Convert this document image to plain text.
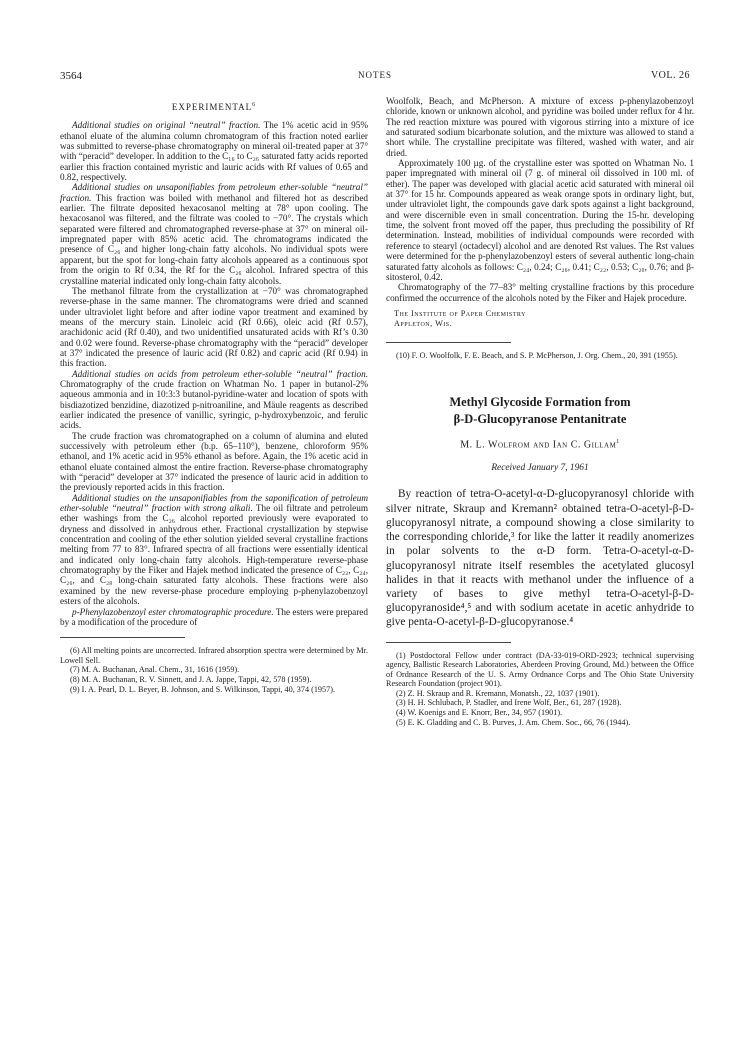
3564	NOTES	VOL. 26
EXPERIMENTAL$^6$

Additional studies on original “neutral” fraction. The 1% acetic acid in 95% ethanol eluate of the alumina column chromatogram of this fraction noted earlier was submitted to reverse-phase chromatography on mineral oil-treated paper at 37° with “peracid” developer. In addition to the C₁₆ to C₂₆ saturated fatty acids reported earlier this fraction contained myristic and lauric acids with Rf values of 0.65 and 0.82, respectively.

Additional studies on unsaponifiables from petroleum ether-soluble “neutral” fraction. This fraction was boiled with methanol and filtered hot as described earlier. The filtrate deposited hexacosanol melting at 78° upon cooling. The hexacosanol was filtered, and the filtrate was cooled to −70°. The crystals which separated were filtered and chromatographed reverse-phase at 37° on mineral oil-impregnated paper with 85% acetic acid. The chromatograms indicated the presence of C₂₆ and higher long-chain fatty alcohols. No individual spots were apparent, but the spot for long-chain fatty alcohols appeared as a continuous spot from the origin to Rf 0.34, the Rf for the C₂₆ alcohol. Infrared spectra of this crystalline material indicated only long-chain fatty alcohols.

The methanol filtrate from the crystallization at −70° was chromatographed reverse-phase in the same manner. The chromatograms were dried and scanned under ultraviolet light before and after iodine vapor treatment and examined by means of the mercury stain. Linoleic acid (Rf 0.66), oleic acid (Rf 0.57), arachidonic acid (Rf 0.40), and two unidentified unsaturated acids with Rf’s 0.30 and 0.02 were found. Reverse-phase chromatography with the “peracid” developer at 37° indicated the presence of lauric acid (Rf 0.82) and capric acid (Rf 0.94) in this fraction.

Additional studies on acids from petroleum ether-soluble “neutral” fraction. Chromatography of the crude fraction on Whatman No. 1 paper in butanol-2% aqueous ammonia and in 10:3:3 butanol-pyridine-water and location of spots with bisdiazotized benzidine, diazotized p-nitroaniline, and Mäule reagents as described earlier indicated the presence of vanillic, syringic, p-hydroxybenzoic, and ferulic acids.

The crude fraction was chromatographed on a column of alumina and eluted successively with petroleum ether (b.p. 65–110°), benzene, chloroform 95% ethanol, and 1% acetic acid in 95% ethanol as before. Again, the 1% acetic acid in ethanol eluate contained almost the entire fraction. Reverse-phase chromatography with “peracid” developer at 37° indicated the presence of lauric acid in addition to the previously reported acids in this fraction.

Additional studies on the unsaponifiables from the saponification of petroleum ether-soluble “neutral” fraction with strong alkali. The oil filtrate and petroleum ether washings from the C₂₆ alcohol reported previously were evaporated to dryness and dissolved in anhydrous ether. Fractional crystallization by stepwise concentration and cooling of the ether solution yielded several crystalline fractions melting from 77 to 83°. Infrared spectra of all fractions were essentially identical and indicated only long-chain fatty alcohols. High-temperature reverse-phase chromatography by the Fiker and Hajek method indicated the presence of C₂₂, C₂₄, C₂₆, and C₂₈ long-chain saturated fatty alcohols. These fractions were also examined by the new reverse-phase procedure employing p-phenylazobenzoyl esters of the alcohols.

p-Phenylazobenzoyl ester chromatographic procedure. The esters were prepared by a modification of the procedure of

(6) All melting points are uncorrected. Infrared absorption spectra were determined by Mr. Lowell Sell.

(7) M. A. Buchanan, Anal. Chem., 31, 1616 (1959).

(8) M. A. Buchanan, R. V. Sinnett, and J. A. Jappe, Tappi, 42, 578 (1959).

(9) I. A. Pearl, D. L. Beyer, B. Johnson, and S. Wilkinson, Tappi, 40, 374 (1957).

Woolfolk, Beach, and McPherson. A mixture of excess p-phenylazobenzoyl chloride, known or unknown alcohol, and pyridine was boiled under reflux for 4 hr. The red reaction mixture was poured with vigorous stirring into a mixture of ice and saturated sodium bicarbonate solution, and the mixture was allowed to stand a short while. The crystalline precipitate was filtered, washed with water, and air dried.

Approximately 100 µg. of the crystalline ester was spotted on Whatman No. 1 paper impregnated with mineral oil (7 g. of mineral oil dissolved in 100 ml. of ether). The paper was developed with glacial acetic acid saturated with mineral oil at 37° for 15 hr. Compounds appeared as weak orange spots in ordinary light, but, under ultraviolet light, the compounds gave dark spots against a light background, and were discernible even in small concentration. During the 15-hr. developing time, the solvent front moved off the paper, thus precluding the possibility of Rf determination. Instead, mobilities of individual compounds were recorded with reference to stearyl (octadecyl) alcohol and are denoted Rst values. The Rst values were determined for the p-phenylazobenzoyl esters of several authentic long-chain saturated fatty alcohols as follows: C₂₄, 0.24; C₂₆, 0.41; C₂₂, 0.53; C₂₀, 0.76; and β-sitosterol, 0.42.

Chromatography of the 77–83° melting crystalline fractions by this procedure confirmed the occurrence of the alcohols noted by the Fiker and Hajek procedure.

The Institute of Paper Chemistry
Appleton, Wis.

(10) F. O. Woolfolk, F. E. Beach, and S. P. McPherson, J. Org. Chem., 20, 391 (1955).

Methyl Glycoside Formation from
β-D-Glucopyranose Pentanitrate
M. L. Wolfrom and Ian C. Gillam$^1$
Received January 7, 1961

By reaction of tetra-O-acetyl-α-D-glucopyranosyl chloride with silver nitrate, Skraup and Kremann² obtained tetra-O-acetyl-β-D-glucopyranosyl nitrate, a compound showing a close similarity to the corresponding chloride,³ for like the latter it readily anomerizes in polar solvents to the α-D form. Tetra-O-acetyl-α-D-glucopyranosyl nitrate itself resembles the acetylated glucosyl halides in that it reacts with methanol under the influence of a variety of bases to give methyl tetra-O-acetyl-β-D-glucopyranoside⁴,⁵ and with sodium acetate in acetic anhydride to give penta-O-acetyl-β-D-glucopyranose.⁴

(1) Postdoctoral Fellow under contract (DA-33-019-ORD-2923; technical supervising agency, Ballistic Research Laboratories, Aberdeen Proving Ground, Md.) between the Office of Ordnance Research of the U. S. Army Ordnance Corps and The Ohio State University Research Foundation (project 901).

(2) Z. H. Skraup and R. Kremann, Monatsh., 22, 1037 (1901).

(3) H. H. Schlubach, P. Stadler, and Irene Wolf, Ber., 61, 287 (1928).

(4) W. Koenigs and E. Knorr, Ber., 34, 957 (1901).

(5) E. K. Gladding and C. B. Purves, J. Am. Chem. Soc., 66, 76 (1944).
